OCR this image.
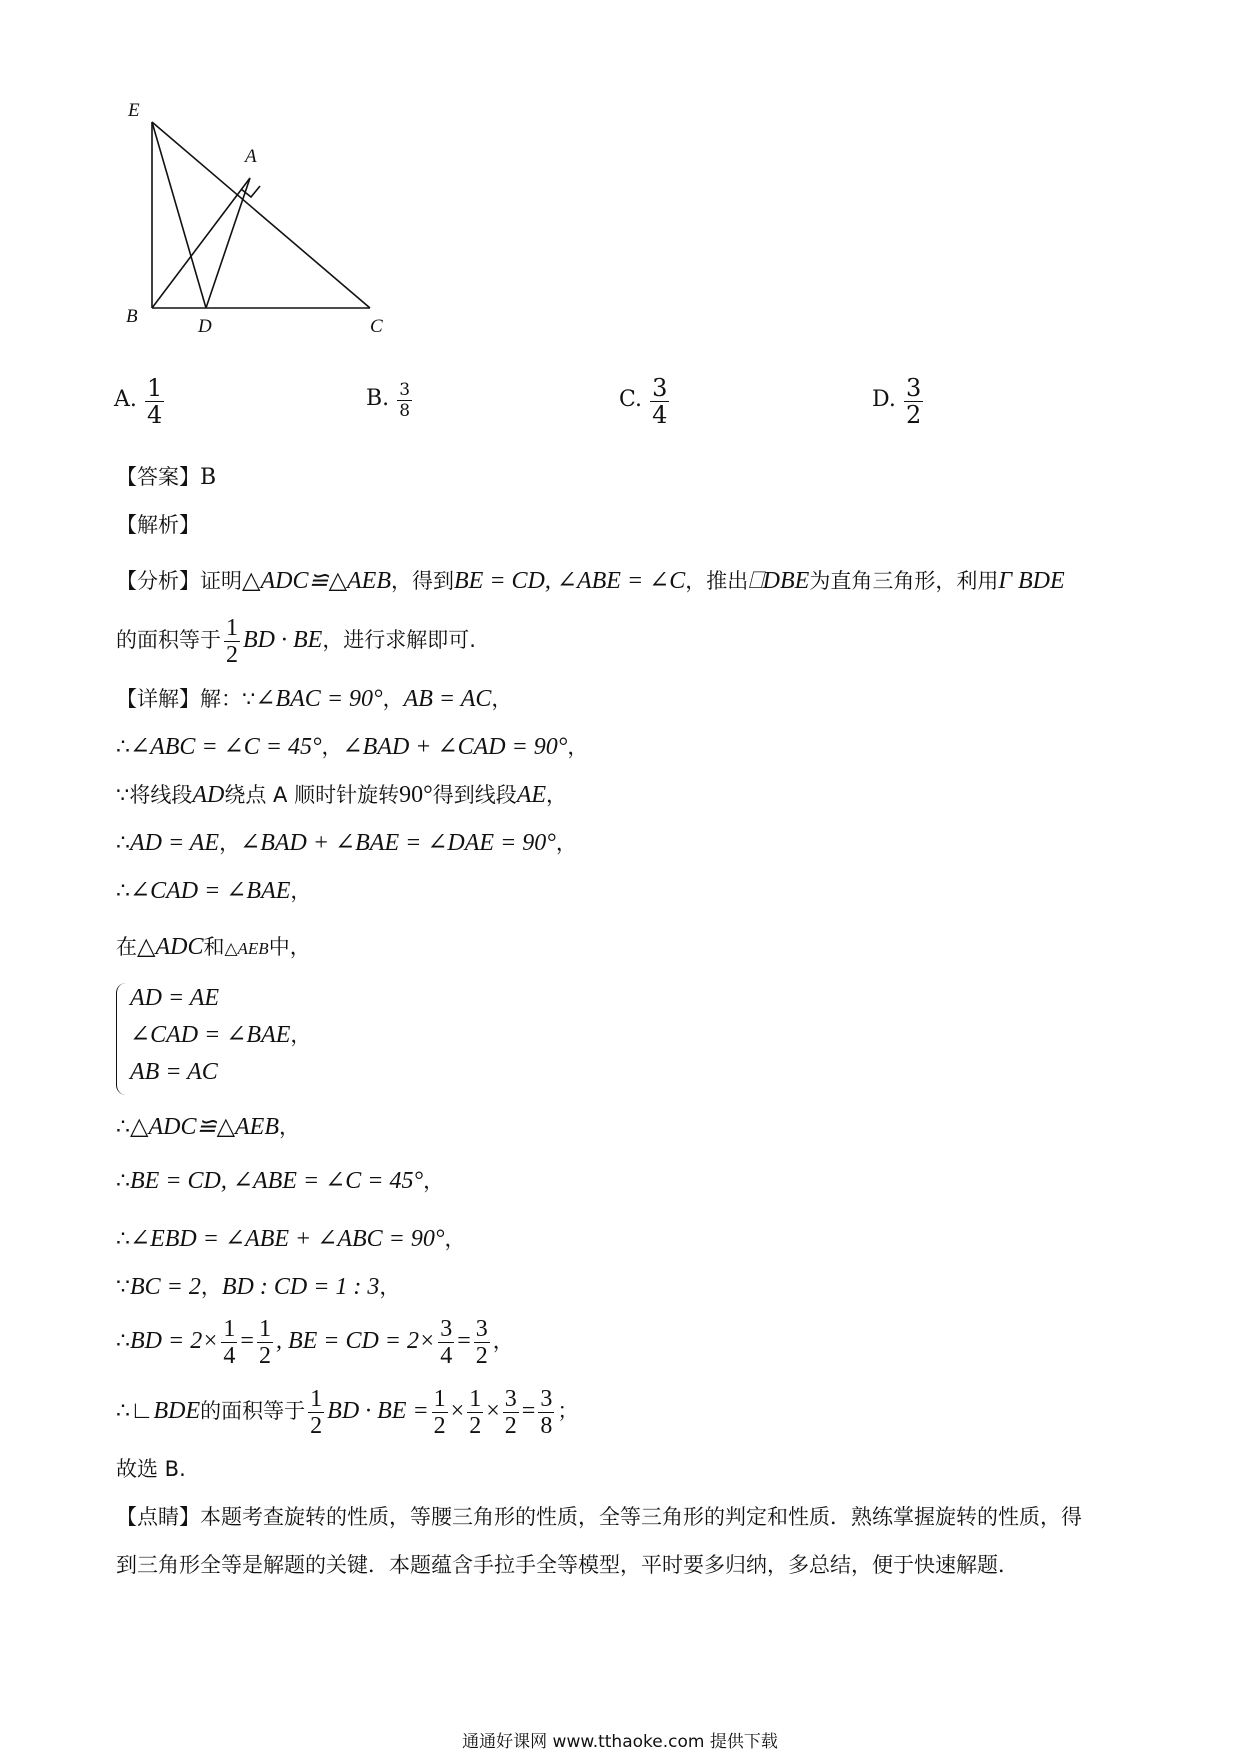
E
A
B	D	C
A. $\frac{1}{4}$	B. $\frac{3}{8}$	C. $\frac{3}{4}$	D. $\frac{3}{2}$
【答案】B
【解析】
【分析】证明△ADC≌△AEB，得到BE = CD, ∠ABE = ∠C，推出⎕DBE为直角三角形，利用Γ BDE
的面积等于 $\frac{1}{2}$ BD · BE，进行求解即可.
【详解】解：∵∠BAC = 90°，AB = AC，
∴∠ABC = ∠C = 45°，∠BAD + ∠CAD = 90°，
∵将线段AD绕点 A 顺时针旋转90°得到线段AE，
∴AD = AE，∠BAD + ∠BAE = ∠DAE = 90°，
∴∠CAD = ∠BAE，
在△ADC和△AEB中，
AD = AE
∠CAD = ∠BAE，
AB = AC
∴△ADC≌△AEB，
∴BE = CD, ∠ABE = ∠C = 45°，
∴∠EBD = ∠ABE + ∠ABC = 90°，
∵BC = 2，BD : CD = 1 : 3，
∴BD = $2\times \frac{1}{4} = \frac{1}{2}$ , BE = CD = $2\times \frac{3}{4} = \frac{3}{2}$ ，
∴∟BDE的面积等于 $\frac{1}{2}$ BD · BE = $\frac{1}{2} \times \frac{1}{2} \times \frac{3}{2} = \frac{3}{8}$ ；
故选 B.
【点睛】本题考查旋转的性质，等腰三角形的性质，全等三角形的判定和性质．熟练掌握旋转的性质，得
到三角形全等是解题的关键．本题蕴含手拉手全等模型，平时要多归纳，多总结，便于快速解题．
通通好课网 www.tthaoke.com 提供下载
